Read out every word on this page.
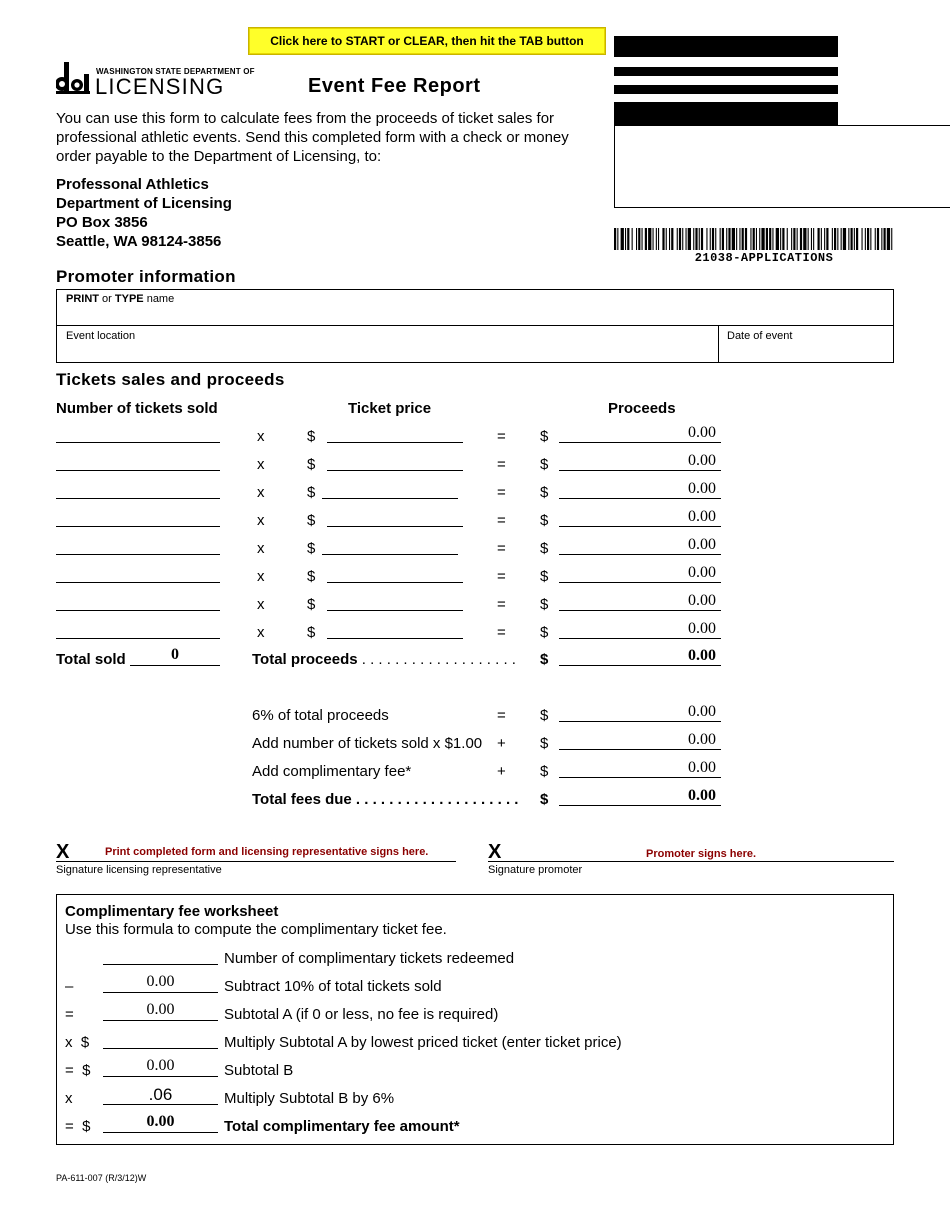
Click here to START or CLEAR, then hit the TAB button
WASHINGTON STATE DEPARTMENT OF
LICENSING	Event Fee Report
You can use this form to calculate fees from the proceeds of ticket sales for professional athletic events. Send this completed form with a check or money order payable to the Department of Licensing, to:
Professonal Athletics
Department of Licensing
PO Box 3856
Seattle, WA 98124-3856
21038-APPLICATIONS
Promoter information
PRINT or TYPE name
Event location	Date of event
Tickets sales and proceeds
Number of tickets sold	Ticket price	Proceeds
x	$	= $	0.00
x	$	= $	0.00
x	$	= $	0.00
x	$	= $	0.00
x	$	= $	0.00
x	$	= $	0.00
x	$	= $	0.00
x	$	= $	0.00
Total sold	0	Total proceeds . . . . . . . . . . . . . . . . . . . $	0.00
6% of total proceeds	= $	0.00
Add number of tickets sold x $1.00 + $	0.00
Add complimentary fee*	+ $	0.00
Total fees due . . . . . . . . . . . . . . . . . . . . $	0.00
X	Print completed form and licensing representative signs here.
Signature licensing representative
X	Promoter signs here.
Signature promoter
Complimentary fee worksheet
Use this formula to compute the complimentary ticket fee.
Number of complimentary tickets redeemed
–	0.00	Subtract 10% of total tickets sold
=	0.00	Subtotal A (if 0 or less, no fee is required)
x  $	Multiply Subtotal A by lowest priced ticket (enter ticket price)
=  $	0.00	Subtotal B
x	.06	Multiply Subtotal B by 6%
=  $	0.00	Total complimentary fee amount*
PA-611-007 (R/3/12)W
